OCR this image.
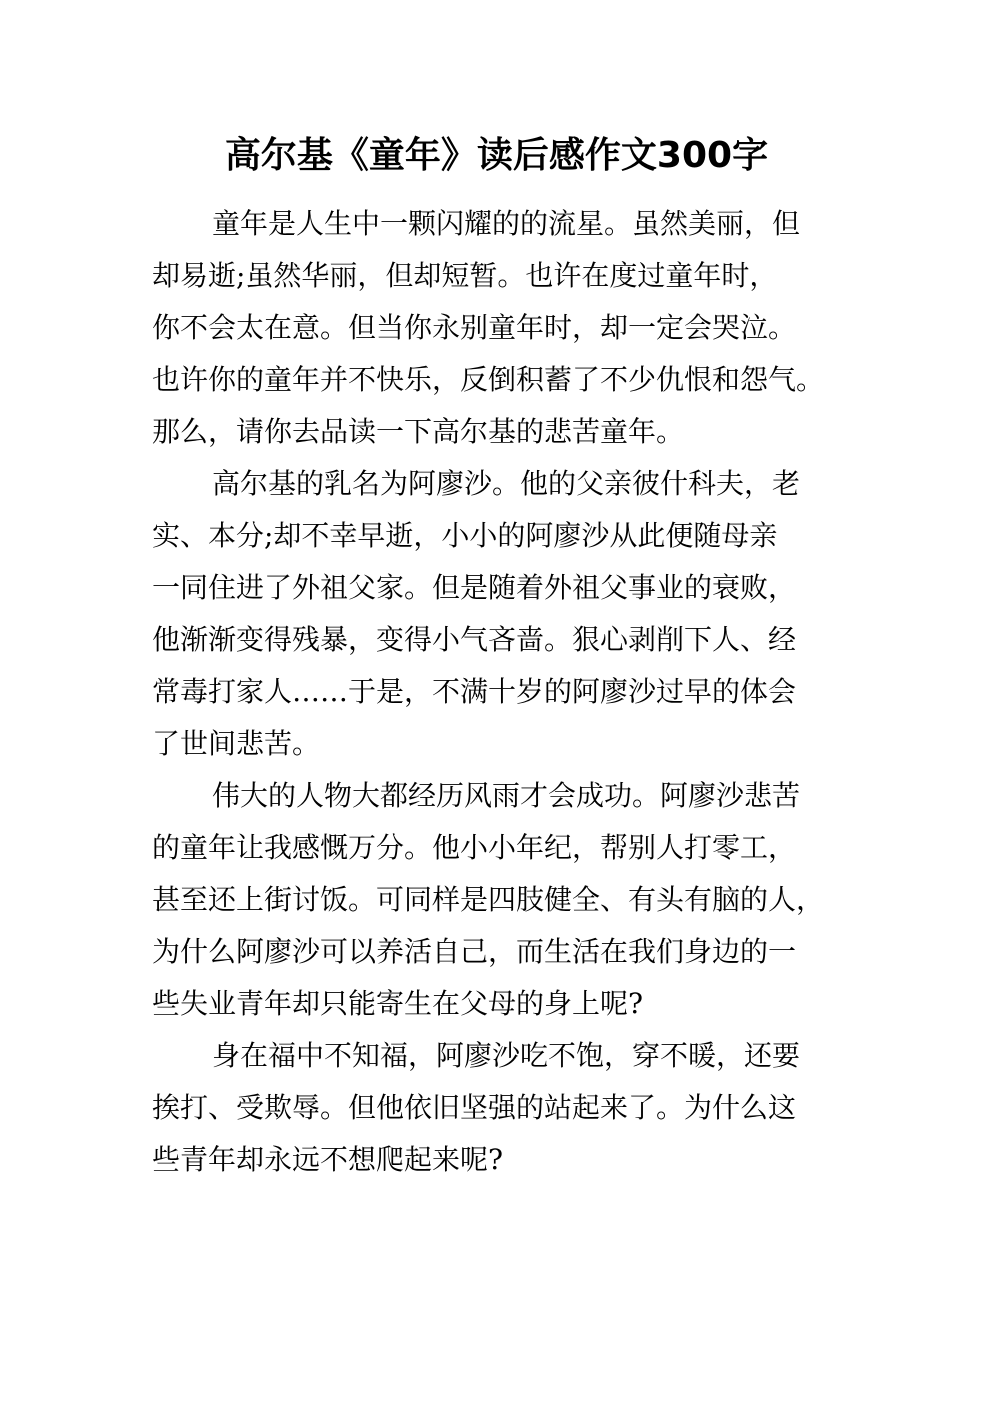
高尔基《童年》读后感作文300字
童年是人生中一颗闪耀的的流星。虽然美丽，但
却易逝;虽然华丽，但却短暂。也许在度过童年时，
你不会太在意。但当你永别童年时，却一定会哭泣。
也许你的童年并不快乐，反倒积蓄了不少仇恨和怨气。
那么，请你去品读一下高尔基的悲苦童年。
高尔基的乳名为阿廖沙。他的父亲彼什科夫，老
实、本分;却不幸早逝，小小的阿廖沙从此便随母亲
一同住进了外祖父家。但是随着外祖父事业的衰败，
他渐渐变得残暴，变得小气吝啬。狠心剥削下人、经
常毒打家人……于是，不满十岁的阿廖沙过早的体会
了世间悲苦。
伟大的人物大都经历风雨才会成功。阿廖沙悲苦
的童年让我感慨万分。他小小年纪，帮别人打零工，
甚至还上街讨饭。可同样是四肢健全、有头有脑的人，
为什么阿廖沙可以养活自己，而生活在我们身边的一
些失业青年却只能寄生在父母的身上呢?
身在福中不知福，阿廖沙吃不饱，穿不暖，还要
挨打、受欺辱。但他依旧坚强的站起来了。为什么这
些青年却永远不想爬起来呢?
